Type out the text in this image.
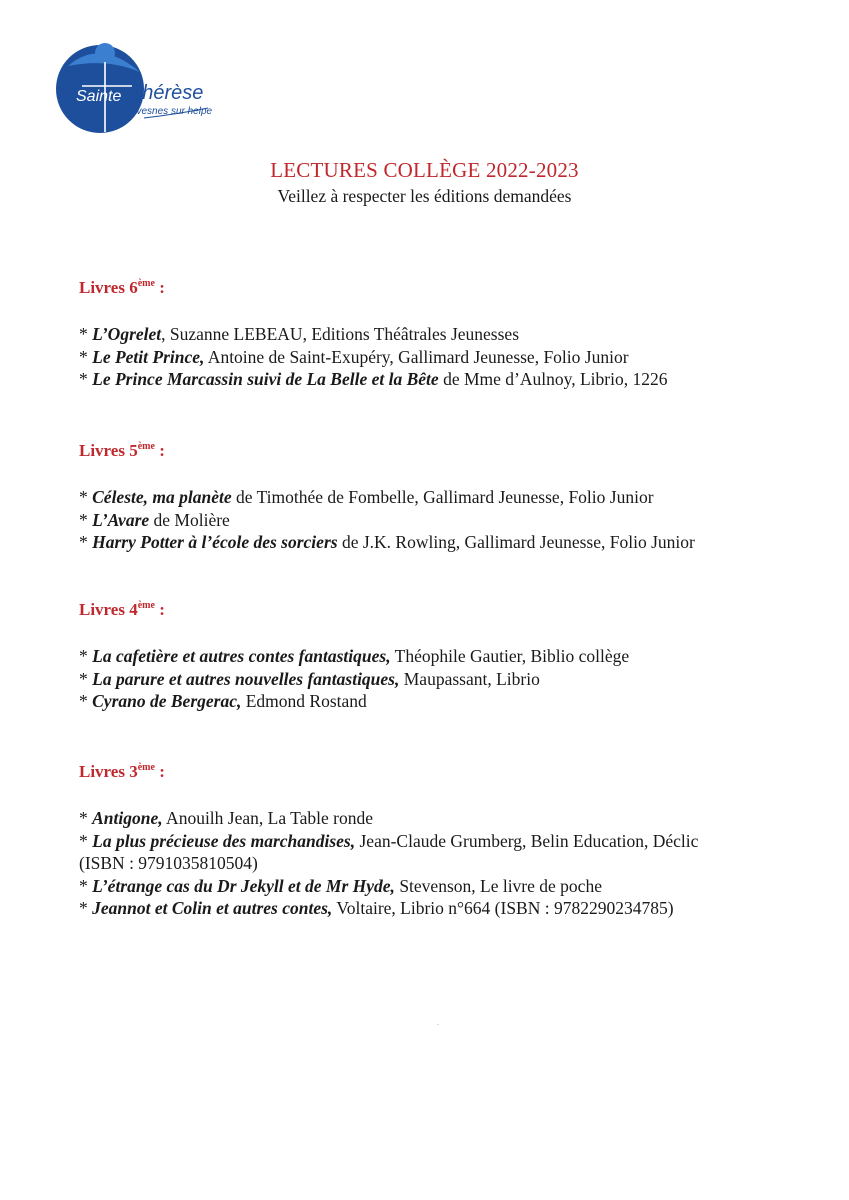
Sainte Thérèse
Avesnes sur helpe
LECTURES COLLÈGE 2022-2023
Veillez à respecter les éditions demandées
Livres 6ème :
* L’Ogrelet, Suzanne LEBEAU, Editions Théâtrales Jeunesses
* Le Petit Prince, Antoine de Saint-Exupéry, Gallimard Jeunesse, Folio Junior
* Le Prince Marcassin suivi de La Belle et la Bête de Mme d’Aulnoy, Librio, 1226
Livres 5ème :
* Céleste, ma planète de Timothée de Fombelle, Gallimard Jeunesse, Folio Junior
* L’Avare de Molière
* Harry Potter à l’école des sorciers de J.K. Rowling, Gallimard Jeunesse, Folio Junior
Livres 4ème :
* La cafetière et autres contes fantastiques, Théophile Gautier, Biblio collège
* La parure et autres nouvelles fantastiques, Maupassant, Librio
* Cyrano de Bergerac, Edmond Rostand
Livres 3ème :
* Antigone, Anouilh Jean, La Table ronde
* La plus précieuse des marchandises, Jean-Claude Grumberg, Belin Education, Déclic
(ISBN : 9791035810504)
* L’étrange cas du Dr Jekyll et de Mr Hyde, Stevenson, Le livre de poche
* Jeannot et Colin et autres contes, Voltaire, Librio n°664 (ISBN : 9782290234785)
